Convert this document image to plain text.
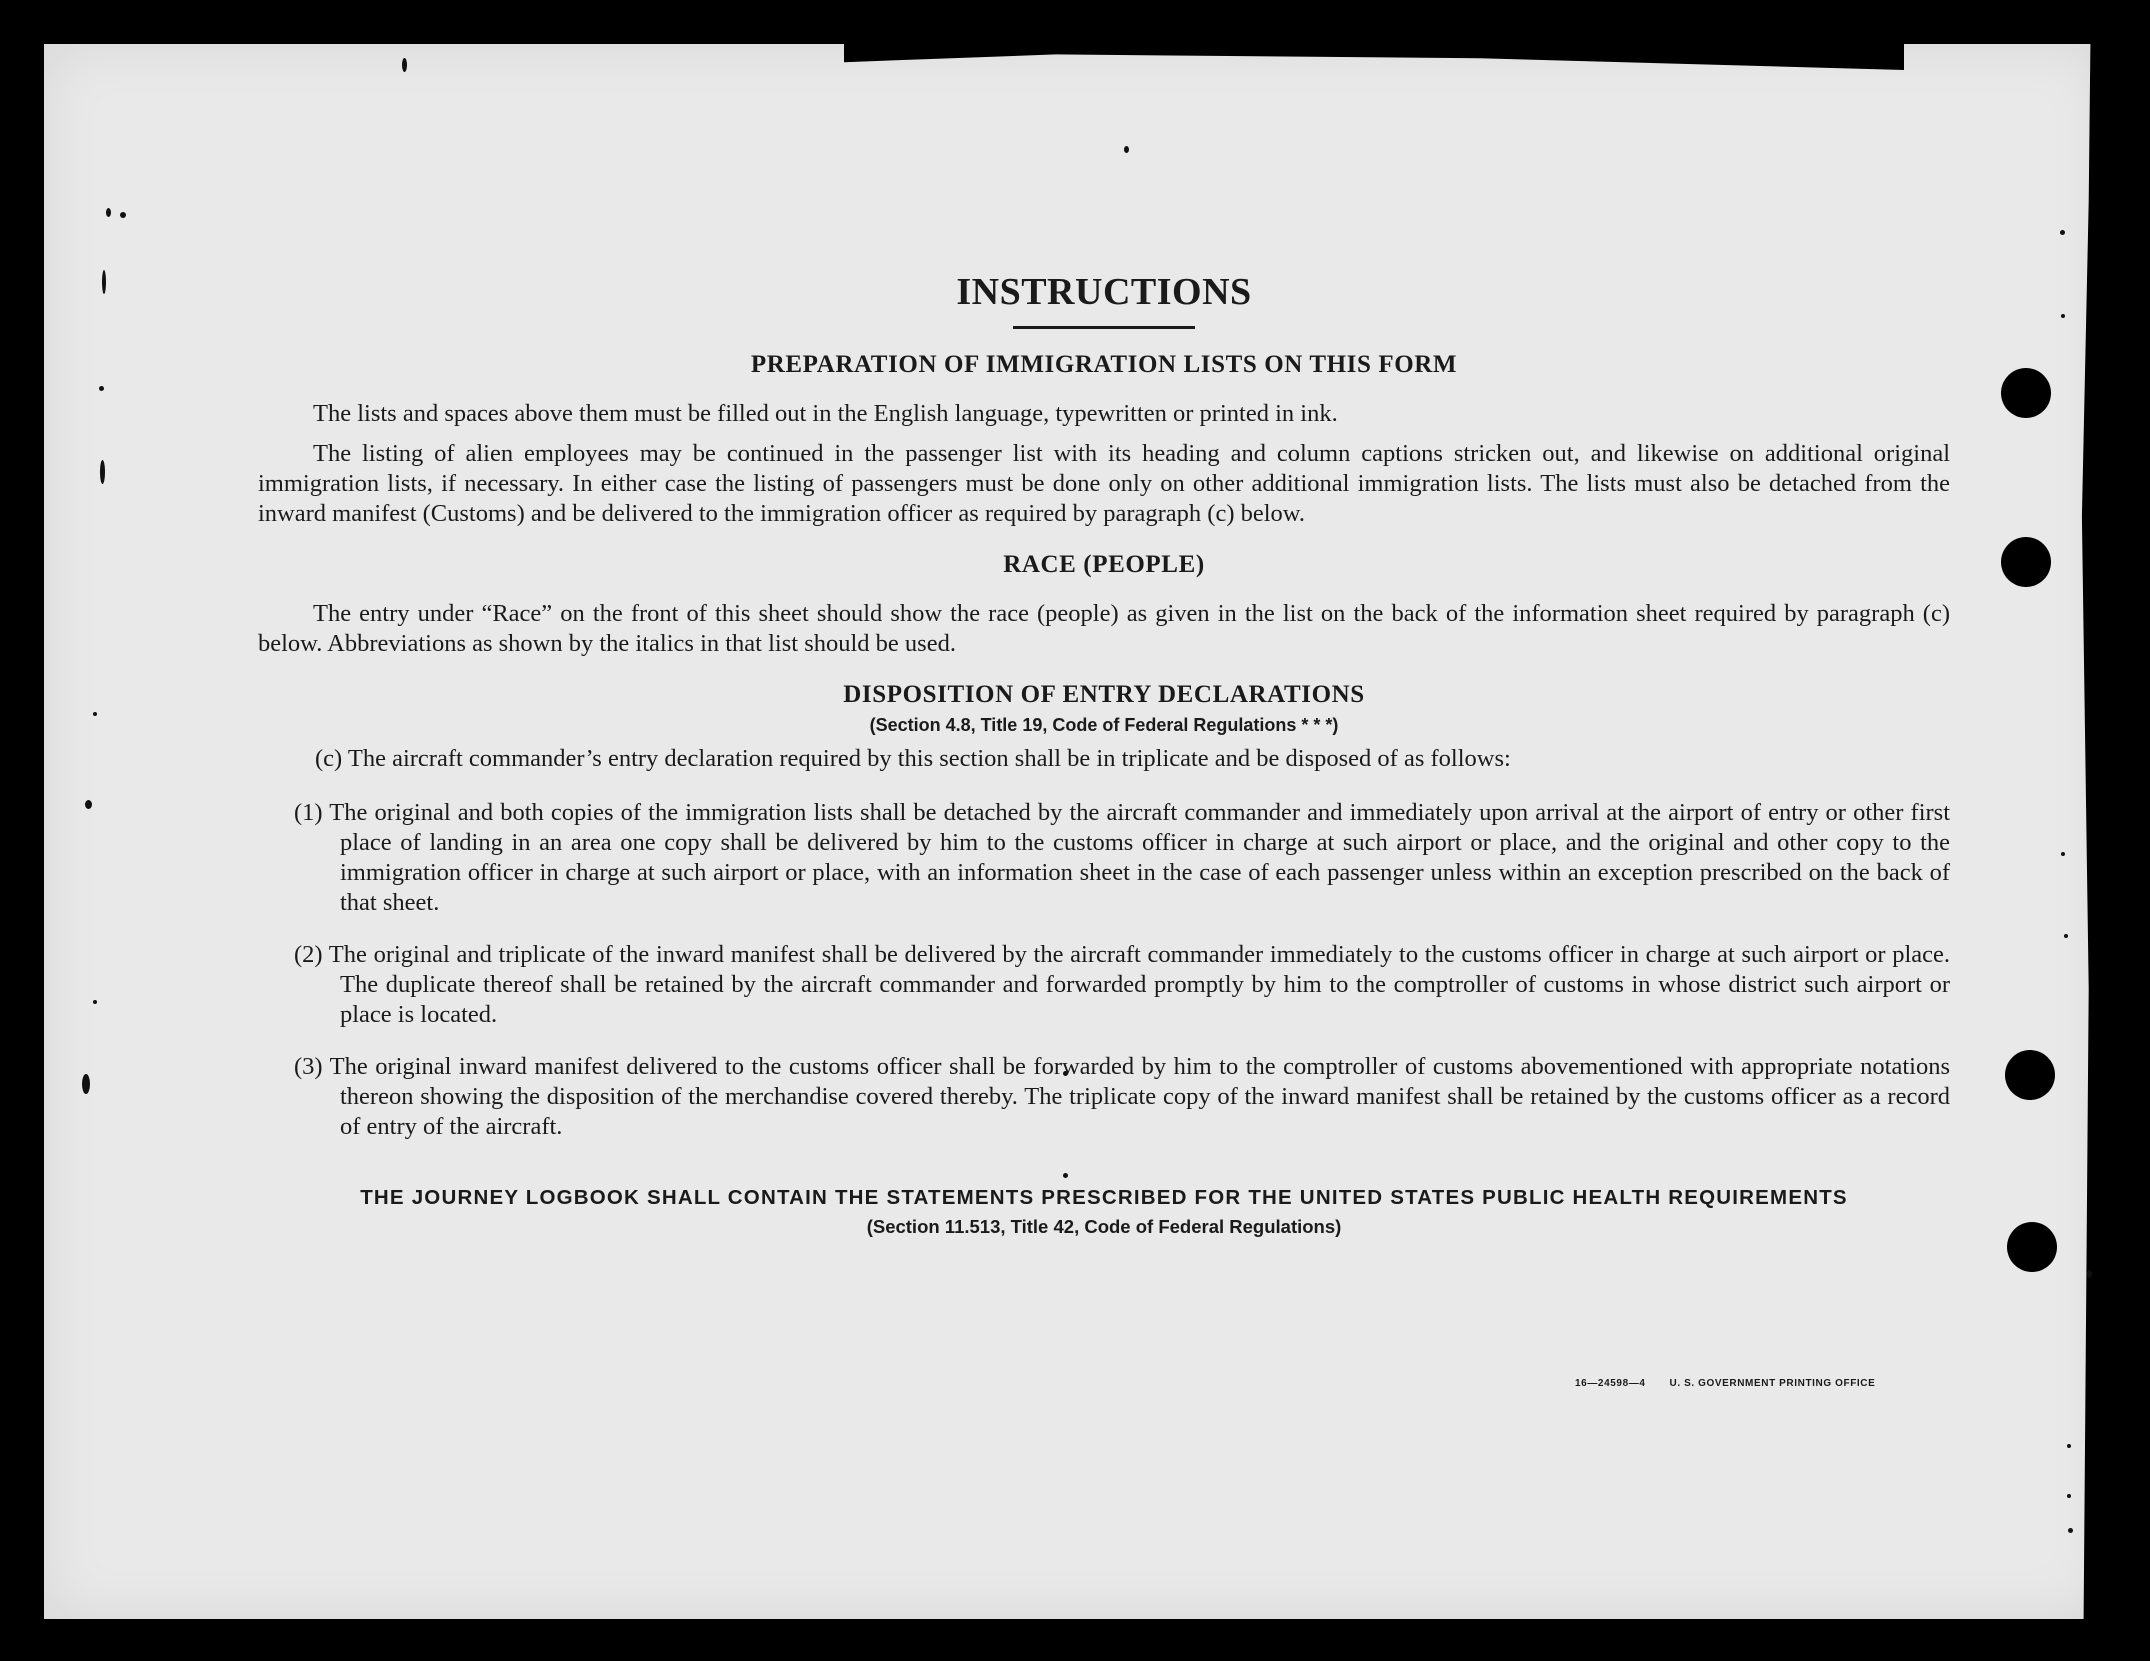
INSTRUCTIONS
PREPARATION OF IMMIGRATION LISTS ON THIS FORM

The lists and spaces above them must be filled out in the English language, typewritten or printed in ink.

The listing of alien employees may be continued in the passenger list with its heading and column captions stricken out, and likewise on additional original immigration lists, if necessary. In either case the listing of passengers must be done only on other additional immigration lists. The lists must also be detached from the inward manifest (Customs) and be delivered to the immigration officer as required by paragraph (c) below.

RACE (PEOPLE)

The entry under “Race” on the front of this sheet should show the race (people) as given in the list on the back of the information sheet required by paragraph (c) below. Abbreviations as shown by the italics in that list should be used.

DISPOSITION OF ENTRY DECLARATIONS

(Section 4.8, Title 19, Code of Federal Regulations * * *)

(c) The aircraft commander’s entry declaration required by this section shall be in triplicate and be disposed of as follows:

(1) The original and both copies of the immigration lists shall be detached by the aircraft commander and immediately upon arrival at the airport of entry or other first place of landing in an area one copy shall be delivered by him to the customs officer in charge at such airport or place, and the original and other copy to the immigration officer in charge at such airport or place, with an information sheet in the case of each passenger unless within an exception prescribed on the back of that sheet.

(2) The original and triplicate of the inward manifest shall be delivered by the aircraft commander immediately to the customs officer in charge at such airport or place. The duplicate thereof shall be retained by the aircraft commander and forwarded promptly by him to the comptroller of customs in whose district such airport or place is located.

(3) The original inward manifest delivered to the customs officer shall be forwarded by him to the comptroller of customs abovementioned with appropriate notations thereon showing the disposition of the merchandise covered thereby. The triplicate copy of the inward manifest shall be retained by the customs officer as a record of entry of the aircraft.

THE JOURNEY LOGBOOK SHALL CONTAIN THE STATEMENTS PRESCRIBED FOR THE UNITED STATES PUBLIC HEALTH REQUIREMENTS

(Section 11.513, Title 42, Code of Federal Regulations)

16—24598—4 U. S. GOVERNMENT PRINTING OFFICE
